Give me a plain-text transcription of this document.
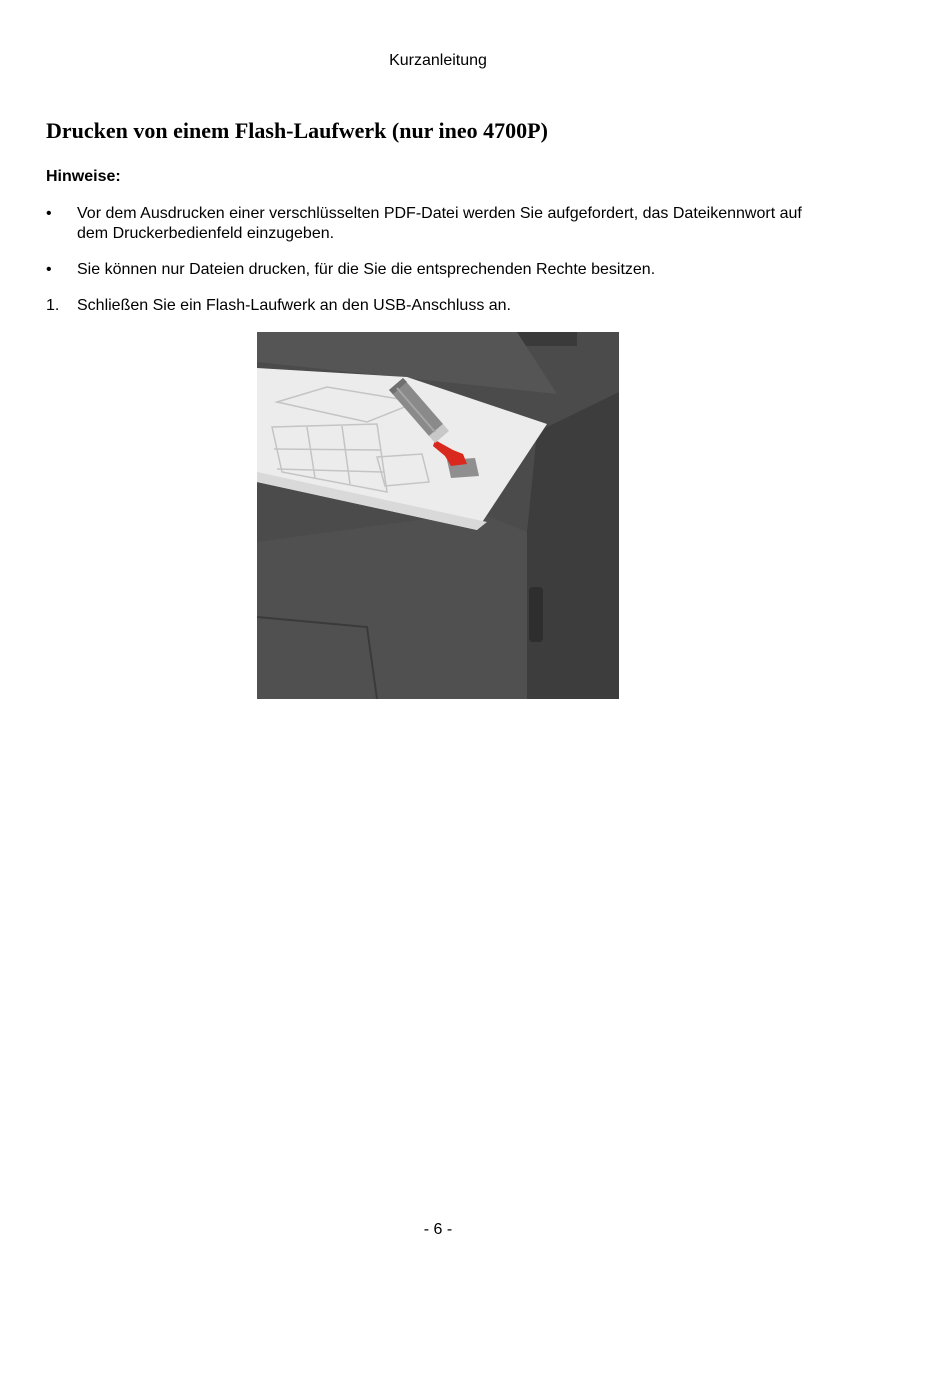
Kurzanleitung
Drucken von einem Flash-Laufwerk (nur ineo 4700P)
Hinweise:
•	Vor dem Ausdrucken einer verschlüsselten PDF-Datei werden Sie aufgefordert, das Dateikennwort auf dem Druckerbedienfeld einzugeben.
•	Sie können nur Dateien drucken, für die Sie die entsprechenden Rechte besitzen.
1. Schließen Sie ein Flash-Laufwerk an den USB-Anschluss an.
- 6 -
